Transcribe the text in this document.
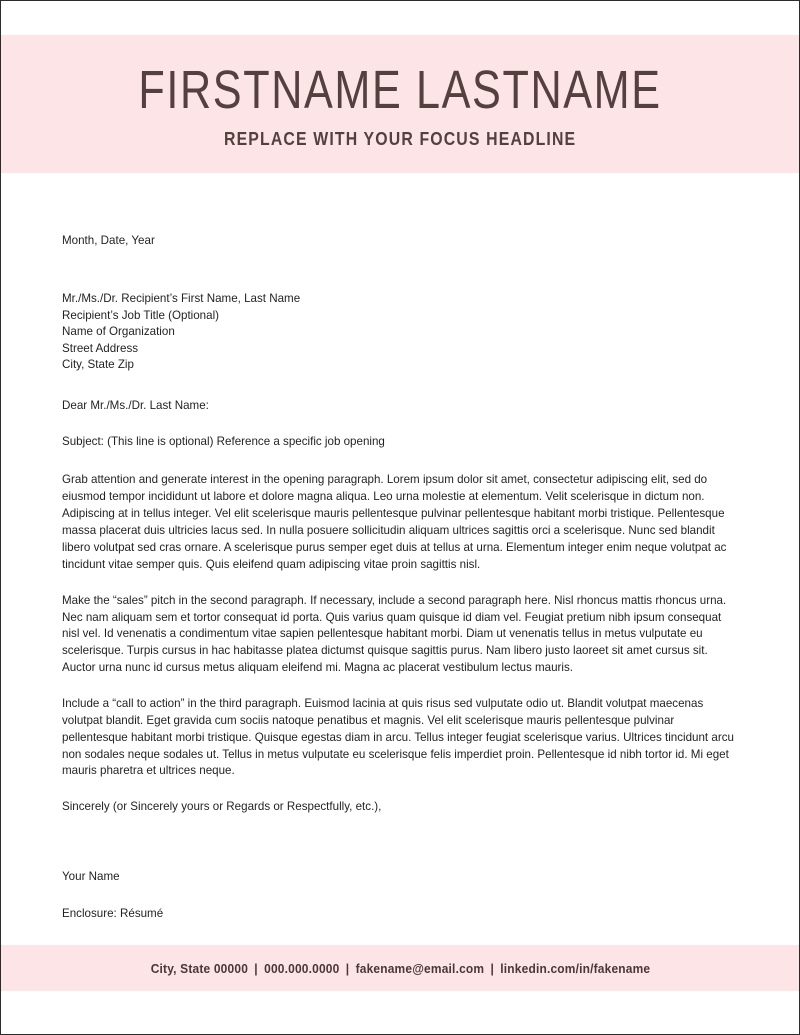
FIRSTNAME LASTNAME
REPLACE WITH YOUR FOCUS HEADLINE
Month, Date, Year
Mr./Ms./Dr. Recipient’s First Name, Last Name
Recipient’s Job Title (Optional)
Name of Organization
Street Address
City, State Zip
Dear Mr./Ms./Dr. Last Name:
Subject: (This line is optional) Reference a specific job opening

Grab attention and generate interest in the opening paragraph. Lorem ipsum dolor sit amet, consectetur adipiscing elit, sed do eiusmod tempor incididunt ut labore et dolore magna aliqua. Leo urna molestie at elementum. Velit scelerisque in dictum non. Adipiscing at in tellus integer. Vel elit scelerisque mauris pellentesque pulvinar pellentesque habitant morbi tristique. Pellentesque massa placerat duis ultricies lacus sed. In nulla posuere sollicitudin aliquam ultrices sagittis orci a scelerisque. Nunc sed blandit libero volutpat sed cras ornare. A scelerisque purus semper eget duis at tellus at urna. Elementum integer enim neque volutpat ac tincidunt vitae semper quis. Quis eleifend quam adipiscing vitae proin sagittis nisl.

Make the “sales” pitch in the second paragraph. If necessary, include a second paragraph here. Nisl rhoncus mattis rhoncus urna. Nec nam aliquam sem et tortor consequat id porta. Quis varius quam quisque id diam vel. Feugiat pretium nibh ipsum consequat nisl vel. Id venenatis a condimentum vitae sapien pellentesque habitant morbi. Diam ut venenatis tellus in metus vulputate eu scelerisque. Turpis cursus in hac habitasse platea dictumst quisque sagittis purus. Nam libero justo laoreet sit amet cursus sit. Auctor urna nunc id cursus metus aliquam eleifend mi. Magna ac placerat vestibulum lectus mauris.

Include a “call to action” in the third paragraph. Euismod lacinia at quis risus sed vulputate odio ut. Blandit volutpat maecenas volutpat blandit. Eget gravida cum sociis natoque penatibus et magnis. Vel elit scelerisque mauris pellentesque pulvinar pellentesque habitant morbi tristique. Quisque egestas diam in arcu. Tellus integer feugiat scelerisque varius. Ultrices tincidunt arcu non sodales neque sodales ut. Tellus in metus vulputate eu scelerisque felis imperdiet proin. Pellentesque id nibh tortor id. Mi eget mauris pharetra et ultrices neque.

Sincerely (or Sincerely yours or Regards or Respectfully, etc.),
Your Name
Enclosure: Résumé
City, State 00000 | 000.000.0000 | fakename@email.com | linkedin.com/in/fakename
